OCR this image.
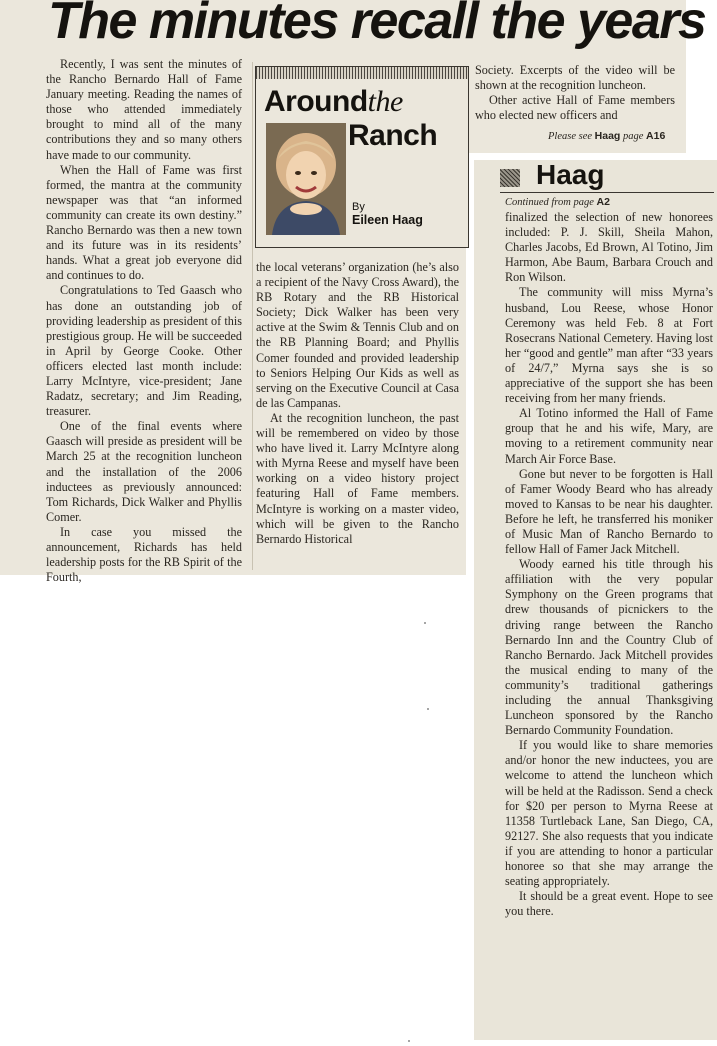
The minutes recall the years

Recently, I was sent the minutes of the Rancho Bernardo Hall of Fame January meeting. Reading the names of those who attended immediately brought to mind all of the many contributions they and so many others have made to our community.

When the Hall of Fame was first formed, the mantra at the community newspaper was that “an informed community can create its own destiny.” Rancho Bernardo was then a new town and its future was in its residents’ hands. What a great job everyone did and continues to do.

Congratulations to Ted Gaasch who has done an outstanding job of providing leadership as president of this prestigious group. He will be succeeded in April by George Cooke. Other officers elected last month include: Larry McIntyre, vice-president; Jane Radatz, secretary; and Jim Reading, treasurer.

One of the final events where Gaasch will preside as president will be March 25 at the recognition luncheon and the installation of the 2006 inductees as previously announced: Tom Richards, Dick Walker and Phyllis Comer.

In case you missed the announcement, Richards has held leadership posts for the RB Spirit of the Fourth,

Aroundthe
Ranch
By
Eileen Haag

the local veterans’ organization (he’s also a recipient of the Navy Cross Award), the RB Rotary and the RB Historical Society; Dick Walker has been very active at the Swim & Tennis Club and on the RB Planning Board; and Phyllis Comer founded and provided leadership to Seniors Helping Our Kids as well as serving on the Executive Council at Casa de las Campanas.

At the recognition luncheon, the past will be remembered on video by those who have lived it. Larry McIntyre along with Myrna Reese and myself have been working on a video history project featuring Hall of Fame members. McIntyre is working on a master video, which will be given to the Rancho Bernardo Historical

Society. Excerpts of the video will be shown at the recognition luncheon.

Other active Hall of Fame members who elected new officers and

Please see Haag page A16
Haag
Continued from page A2

finalized the selection of new honorees included: P. J. Skill, Sheila Mahon, Charles Jacobs, Ed Brown, Al Totino, Jim Harmon, Abe Baum, Barbara Crouch and Ron Wilson.

The community will miss Myrna’s husband, Lou Reese, whose Honor Ceremony was held Feb. 8 at Fort Rosecrans National Cemetery. Having lost her “good and gentle” man after “33 years of 24/7,” Myrna says she is so appreciative of the support she has been receiving from her many friends.

Al Totino informed the Hall of Fame group that he and his wife, Mary, are moving to a retirement community near March Air Force Base.

Gone but never to be forgotten is Hall of Famer Woody Beard who has already moved to Kansas to be near his daughter. Before he left, he transferred his moniker of Music Man of Rancho Bernardo to fellow Hall of Famer Jack Mitchell.

Woody earned his title through his affiliation with the very popular Symphony on the Green programs that drew thousands of picnickers to the driving range between the Rancho Bernardo Inn and the Country Club of Rancho Bernardo. Jack Mitchell provides the musical ending to many of the community’s traditional gatherings including the annual Thanksgiving Luncheon sponsored by the Rancho Bernardo Community Foundation.

If you would like to share memories and/or honor the new inductees, you are welcome to attend the luncheon which will be held at the Radisson. Send a check for $20 per person to Myrna Reese at 11358 Turtleback Lane, San Diego, CA, 92127. She also requests that you indicate if you are attending to honor a particular honoree so that she may arrange the seating appropriately.

It should be a great event. Hope to see you there.
